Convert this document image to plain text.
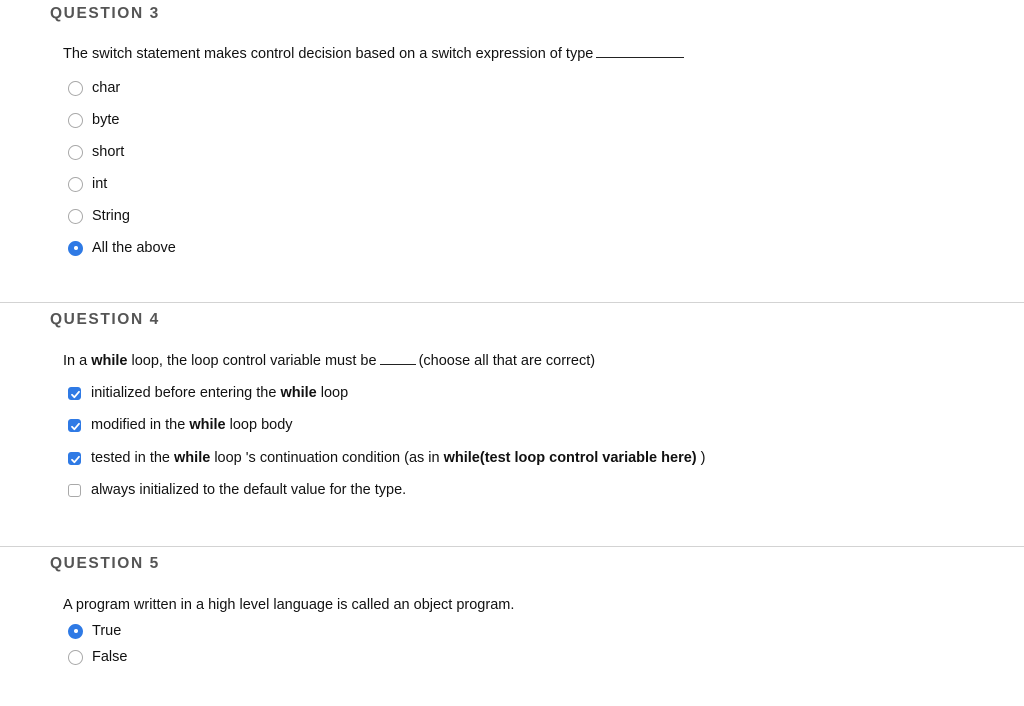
QUESTION 3
The switch statement makes control decision based on a switch expression of type
char
byte
short
int
String
All the above
QUESTION 4
In a while loop, the loop control variable must be	(choose all that are correct)
initialized before entering the while loop
modified in the while loop body
tested in the while loop 's continuation condition (as in while(test loop control variable here) )
always initialized to the default value for the type.
QUESTION 5
A program written in a high level language is called an object program.
True
False
